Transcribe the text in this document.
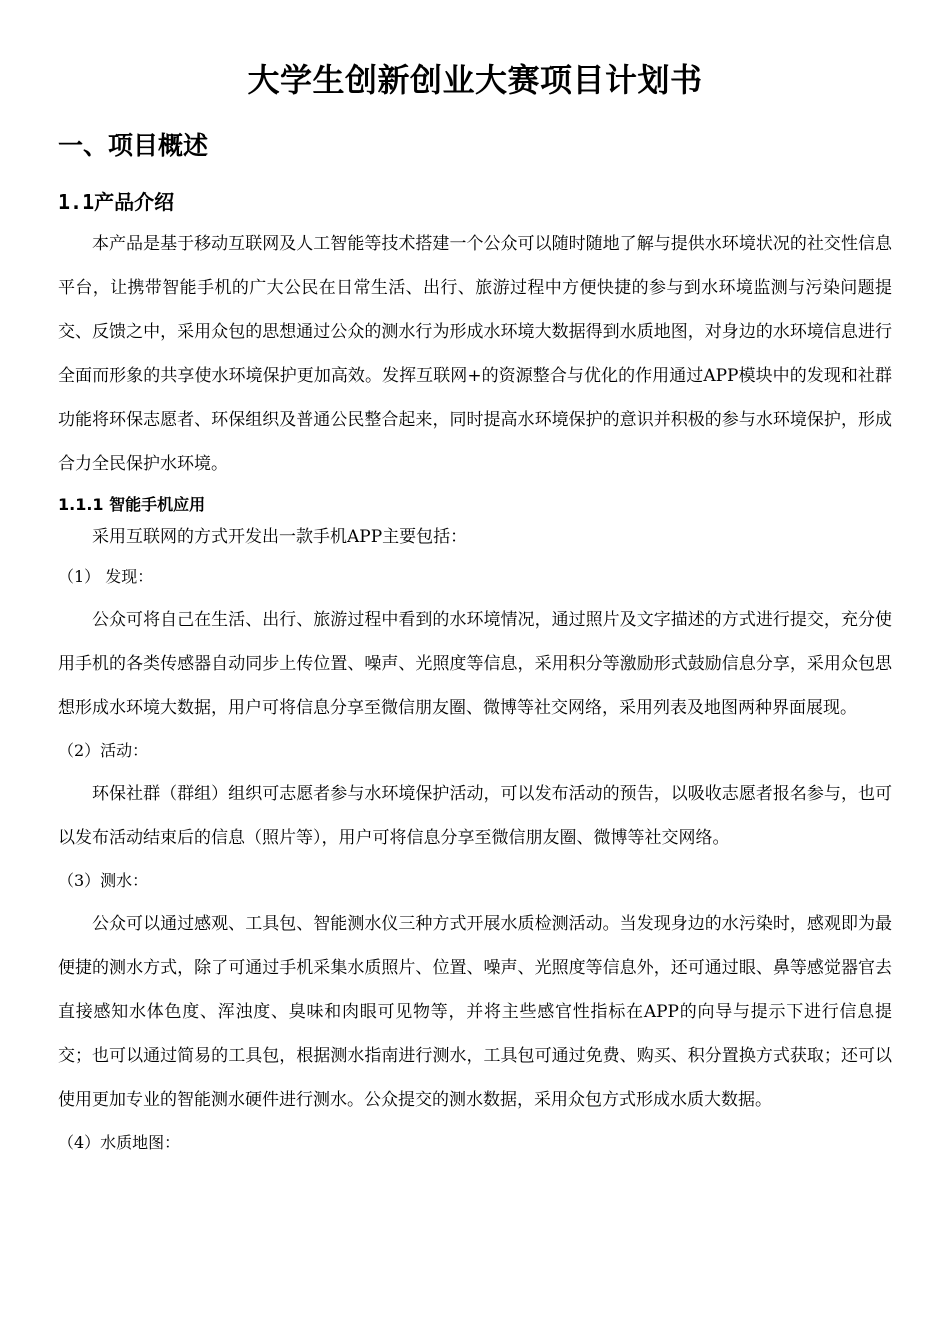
大学生创新创业大赛项目计划书
一、项目概述
1.1产品介绍

本产品是基于移动互联网及人工智能等技术搭建一个公众可以随时随地了解与提供水环境状况的社交性信息平台，让携带智能手机的广大公民在日常生活、出行、旅游过程中方便快捷的参与到水环境监测与污染问题提交、反馈之中，采用众包的思想通过公众的测水行为形成水环境大数据得到水质地图，对身边的水环境信息进行全面而形象的共享使水环境保护更加高效。发挥互联网+的资源整合与优化的作用通过APP模块中的发现和社群功能将环保志愿者、环保组织及普通公民整合起来，同时提高水环境保护的意识并积极的参与水环境保护，形成合力全民保护水环境。

1.1.1 智能手机应用

采用互联网的方式开发出一款手机APP主要包括：

（1） 发现：

公众可将自己在生活、出行、旅游过程中看到的水环境情况，通过照片及文字描述的方式进行提交，充分使用手机的各类传感器自动同步上传位置、噪声、光照度等信息，采用积分等激励形式鼓励信息分享，采用众包思想形成水环境大数据，用户可将信息分享至微信朋友圈、微博等社交网络，采用列表及地图两种界面展现。

（2）活动：

环保社群（群组）组织可志愿者参与水环境保护活动，可以发布活动的预告，以吸收志愿者报名参与，也可以发布活动结束后的信息（照片等），用户可将信息分享至微信朋友圈、微博等社交网络。

（3）测水：

公众可以通过感观、工具包、智能测水仪三种方式开展水质检测活动。当发现身边的水污染时，感观即为最便捷的测水方式，除了可通过手机采集水质照片、位置、噪声、光照度等信息外，还可通过眼、鼻等感觉器官去直接感知水体色度、浑浊度、臭味和肉眼可见物等，并将主些感官性指标在APP的向导与提示下进行信息提交；也可以通过简易的工具包，根据测水指南进行测水，工具包可通过免费、购买、积分置换方式获取；还可以使用更加专业的智能测水硬件进行测水。公众提交的测水数据，采用众包方式形成水质大数据。

（4）水质地图：
